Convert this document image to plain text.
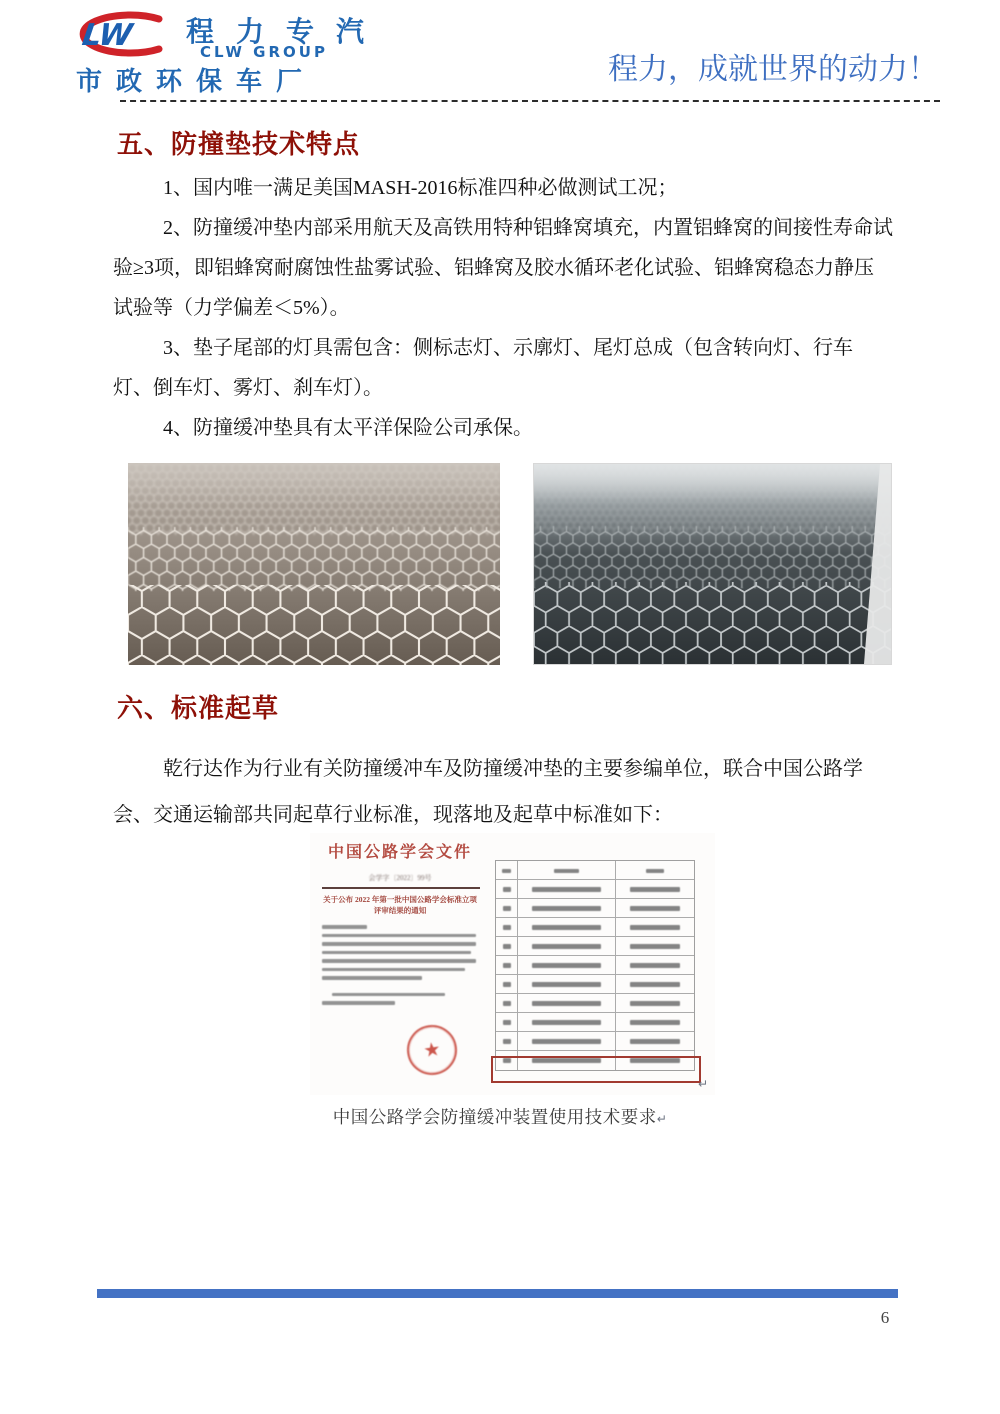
LW 程力专汽
CLW GROUP
市政环保车厂	程力，成就世界的动力！
五、防撞垫技术特点
1、国内唯一满足美国MASH-2016标准四种必做测试工况；
2、防撞缓冲垫内部采用航天及高铁用特种铝蜂窝填充，内置铝蜂窝的间接性寿命试
验≥3项，即铝蜂窝耐腐蚀性盐雾试验、铝蜂窝及胶水循环老化试验、铝蜂窝稳态力静压
试验等（力学偏差＜5%）。
3、垫子尾部的灯具需包含：侧标志灯、示廓灯、尾灯总成（包含转向灯、行车
灯、倒车灯、雾灯、刹车灯）。
4、防撞缓冲垫具有太平洋保险公司承保。
六、标准起草
乾行达作为行业有关防撞缓冲车及防撞缓冲垫的主要参编单位，联合中国公路学
会、交通运输部共同起草行业标准，现落地及起草中标准如下：
中国公路学会文件
会学字〔2022〕99号
关于公布 2022 年第一批中国公路学会标准立项
评审结果的通知
★
↵
中国公路学会防撞缓冲装置使用技术要求↵
6
